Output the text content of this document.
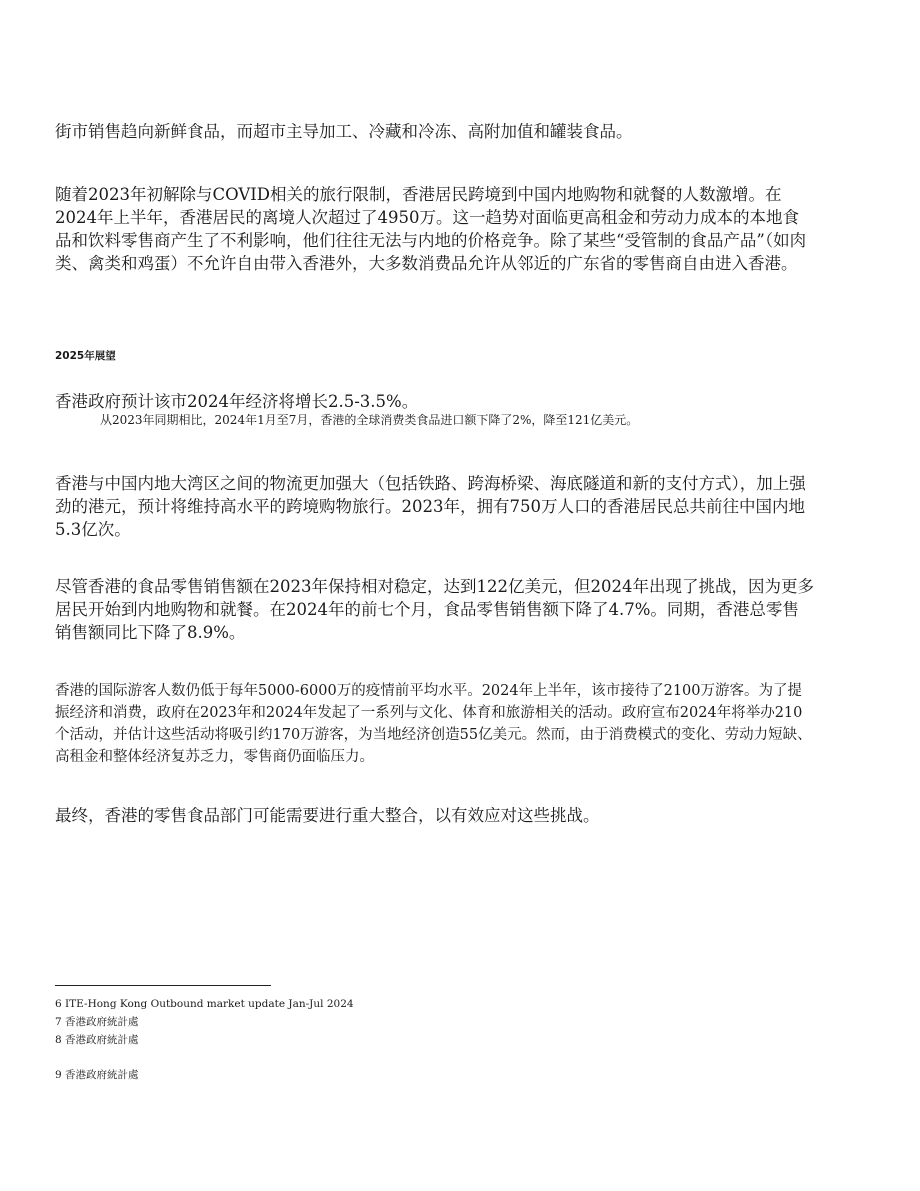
街市销售趋向新鲜食品，而超市主导加工、冷藏和冷冻、高附加值和罐装食品。

随着2023年初解除与COVID相关的旅行限制，香港居民跨境到中国内地购物和就餐的人数激增。在2024年上半年，香港居民的离境人次超过了4950万。这一趋势对面临更高租金和劳动力成本的本地食品和饮料零售商产生了不利影响，他们往往无法与内地的价格竞争。除了某些“受管制的食品产品”（如肉类、禽类和鸡蛋）不允许自由带入香港外，大多数消费品允许从邻近的广东省的零售商自由进入香港。

2025年展望

香港政府预计该市2024年经济将增长2.5-3.5%。

从2023年同期相比，2024年1月至7月，香港的全球消费类食品进口额下降了2%，降至121亿美元。

香港与中国内地大湾区之间的物流更加强大（包括铁路、跨海桥梁、海底隧道和新的支付方式），加上强劲的港元，预计将维持高水平的跨境购物旅行。2023年，拥有750万人口的香港居民总共前往中国内地5.3亿次。

尽管香港的食品零售销售额在2023年保持相对稳定，达到122亿美元，但2024年出现了挑战，因为更多居民开始到内地购物和就餐。在2024年的前七个月，食品零售销售额下降了4.7%。同期，香港总零售销售额同比下降了8.9%。

香港的国际游客人数仍低于每年5000-6000万的疫情前平均水平。2024年上半年，该市接待了2100万游客。为了提振经济和消费，政府在2023年和2024年发起了一系列与文化、体育和旅游相关的活动。政府宣布2024年将举办210个活动，并估计这些活动将吸引约170万游客，为当地经济创造55亿美元。然而，由于消费模式的变化、劳动力短缺、高租金和整体经济复苏乏力，零售商仍面临压力。

最终，香港的零售食品部门可能需要进行重大整合，以有效应对这些挑战。

6 ITE-Hong Kong Outbound market update Jan-Jul 2024
7 香港政府統計處
8 香港政府統計處
9 香港政府統計處
